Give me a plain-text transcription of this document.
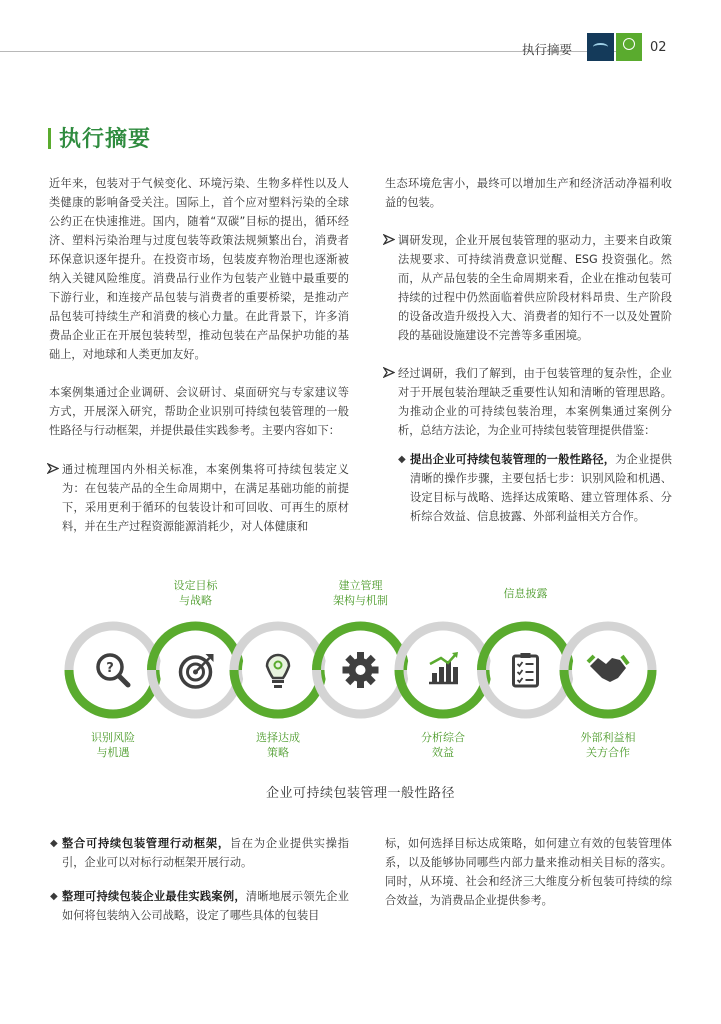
执行摘要	02
执行摘要

近年来，包装对于气候变化、环境污染、生物多样性以及人类健康的影响备受关注。国际上，首个应对塑料污染的全球公约正在快速推进。国内，随着“双碳”目标的提出，循环经济、塑料污染治理与过度包装等政策法规频繁出台，消费者环保意识逐年提升。在投资市场，包装废弃物治理也逐渐被纳入关键风险维度。消费品行业作为包装产业链中最重要的下游行业，和连接产品包装与消费者的重要桥梁，是推动产品包装可持续生产和消费的核心力量。在此背景下，许多消费品企业正在开展包装转型，推动包装在产品保护功能的基础上，对地球和人类更加友好。

本案例集通过企业调研、会议研讨、桌面研究与专家建议等方式，开展深入研究，帮助企业识别可持续包装管理的一般性路径与行动框架，并提供最佳实践参考。主要内容如下：

通过梳理国内外相关标准，本案例集将可持续包装定义为：在包装产品的全生命周期中，在满足基础功能的前提下，采用更利于循环的包装设计和可回收、可再生的原材料，并在生产过程资源能源消耗少，对人体健康和

生态环境危害小，最终可以增加生产和经济活动净福利收益的包装。

调研发现，企业开展包装管理的驱动力，主要来自政策法规要求、可持续消费意识觉醒、ESG 投资强化。然而，从产品包装的全生命周期来看，企业在推动包装可持续的过程中仍然面临着供应阶段材料昂贵、生产阶段的设备改造升级投入大、消费者的知行不一以及处置阶段的基础设施建设不完善等多重困境。
经过调研，我们了解到，由于包装管理的复杂性，企业对于开展包装治理缺乏重要性认知和清晰的管理思路。为推动企业的可持续包装治理，本案例集通过案例分析，总结方法论，为企业可持续包装管理提供借鉴：
◆ 提出企业可持续包装管理的一般性路径，为企业提供清晰的操作步骤，主要包括七步：识别风险和机遇、设定目标与战略、选择达成策略、建立管理体系、分析综合效益、信息披露、外部利益相关方合作。
?
识别风险
与机遇
设定目标
与战略
选择达成
策略
建立管理
架构与机制
分析综合
效益
信息披露
外部利益相
关方合作
企业可持续包装管理一般性路径
◆ 整合可持续包装管理行动框架，旨在为企业提供实操指引，企业可以对标行动框架开展行动。
◆ 整理可持续包装企业最佳实践案例，清晰地展示领先企业如何将包装纳入公司战略，设定了哪些具体的包装目

标，如何选择目标达成策略，如何建立有效的包装管理体系，以及能够协同哪些内部力量来推动相关目标的落实。同时，从环境、社会和经济三大维度分析包装可持续的综合效益，为消费品企业提供参考。
